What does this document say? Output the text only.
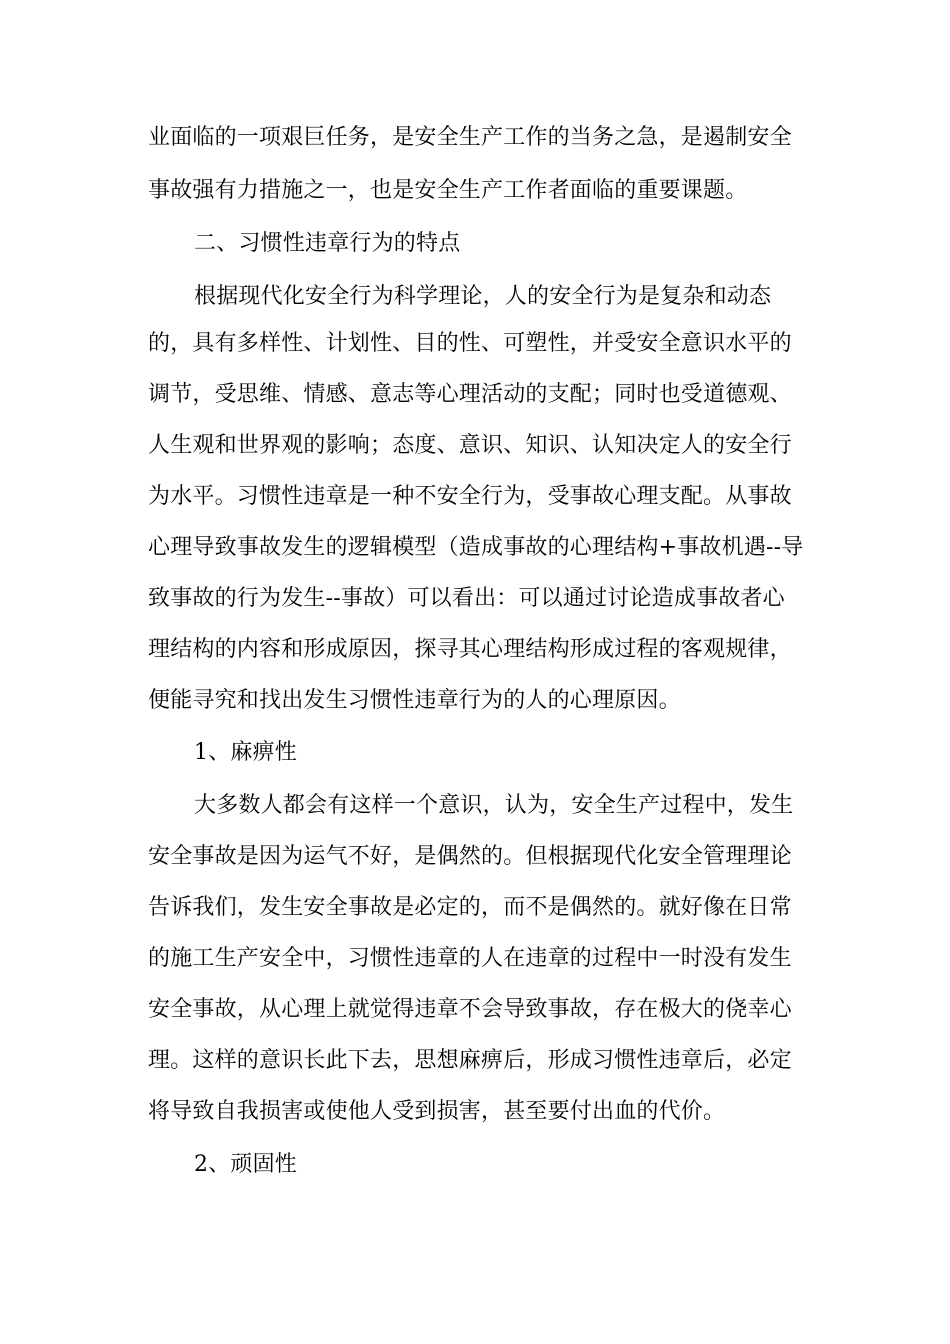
业面临的一项艰巨任务，是安全生产工作的当务之急，是遏制安全
事故强有力措施之一，也是安全生产工作者面临的重要课题。
二、习惯性违章行为的特点
根据现代化安全行为科学理论，人的安全行为是复杂和动态
的，具有多样性、计划性、目的性、可塑性，并受安全意识水平的
调节，受思维、情感、意志等心理活动的支配；同时也受道德观、
人生观和世界观的影响；态度、意识、知识、认知决定人的安全行
为水平。习惯性违章是一种不安全行为，受事故心理支配。从事故
心理导致事故发生的逻辑模型（造成事故的心理结构+事故机遇--导
致事故的行为发生--事故）可以看出：可以通过讨论造成事故者心
理结构的内容和形成原因，探寻其心理结构形成过程的客观规律，
便能寻究和找出发生习惯性违章行为的人的心理原因。
1、麻痹性
大多数人都会有这样一个意识，认为，安全生产过程中，发生
安全事故是因为运气不好，是偶然的。但根据现代化安全管理理论
告诉我们，发生安全事故是必定的，而不是偶然的。就好像在日常
的施工生产安全中，习惯性违章的人在违章的过程中一时没有发生
安全事故，从心理上就觉得违章不会导致事故，存在极大的侥幸心
理。这样的意识长此下去，思想麻痹后，形成习惯性违章后，必定
将导致自我损害或使他人受到损害，甚至要付出血的代价。
2、顽固性
